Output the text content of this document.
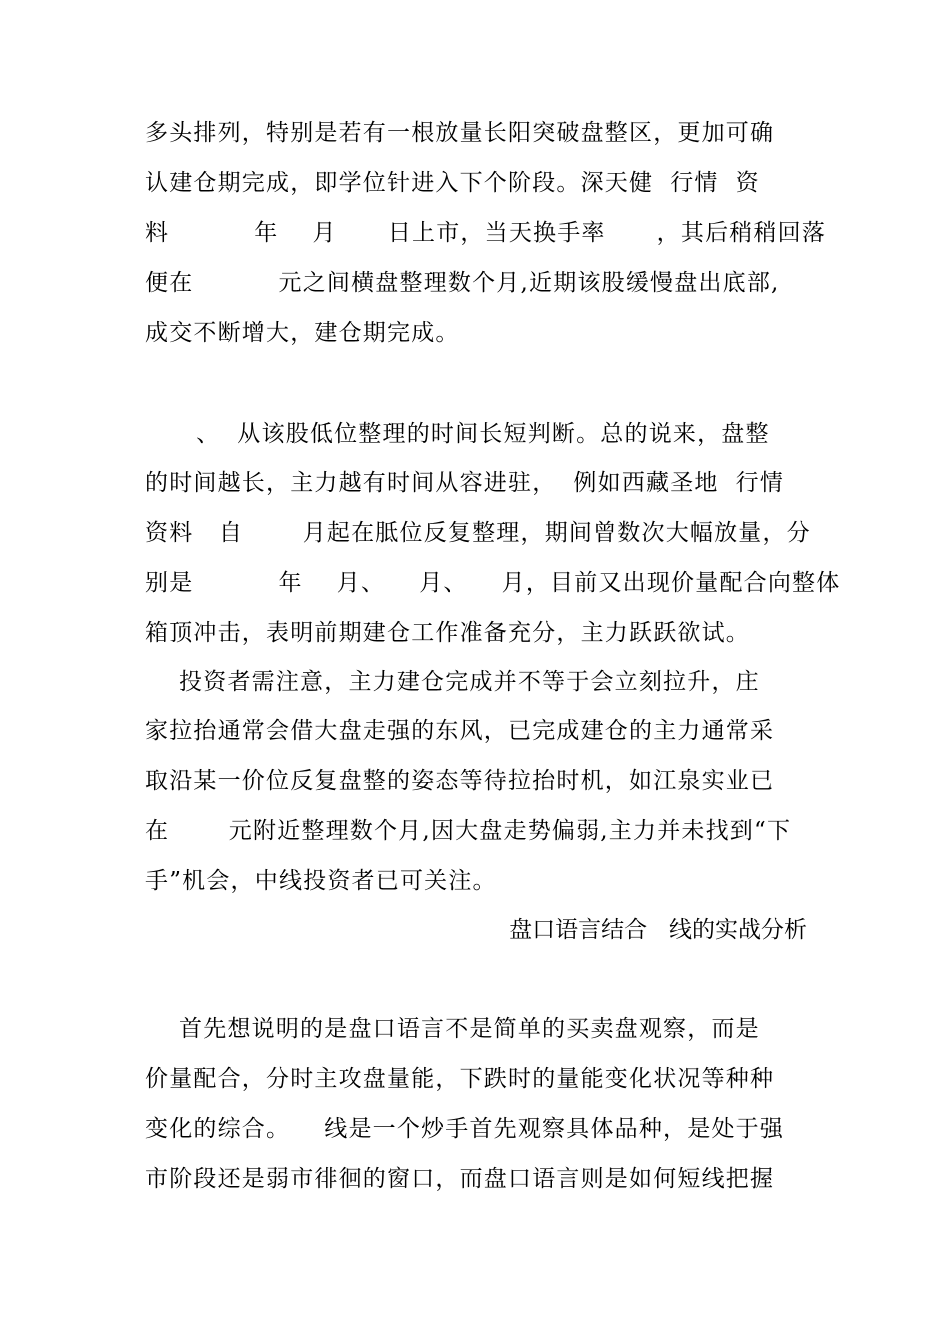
多头排列，特别是若有一根放量长阳突破盘整区，更加可确
认建仓期完成，即学位针进入下个阶段。深天健  行情  资
料          年    月      日上市，当天换手率      ，其后稍稍回落
便在          元之间横盘整理数个月,近期该股缓慢盘出底部,
成交不断增大，建仓期完成。
、  从该股低位整理的时间长短判断。总的说来，盘整
的时间越长，主力越有时间从容进驻，  例如西藏圣地  行情
资料   自       月起在胝位反复整理，期间曾数次大幅放量，分
别是          年    月、    月、    月，目前又出现价量配合向整体
箱顶冲击，表明前期建仓工作准备充分，主力跃跃欲试。
投资者需注意，主力建仓完成并不等于会立刻拉升，庄
家拉抬通常会借大盘走强的东风，已完成建仓的主力通常采
取沿某一价位反复盘整的姿态等待拉抬时机，如江泉实业已
在       元附近整理数个月,因大盘走势偏弱,主力并未找到“下
手”机会，中线投资者已可关注。
盘口语言结合   线的实战分析
首先想说明的是盘口语言不是简单的买卖盘观察，而是
价量配合，分时主攻盘量能，下跌时的量能变化状况等种种
变化的综合。    线是一个炒手首先观察具体品种，是处于强
市阶段还是弱市徘徊的窗口，而盘口语言则是如何短线把握
